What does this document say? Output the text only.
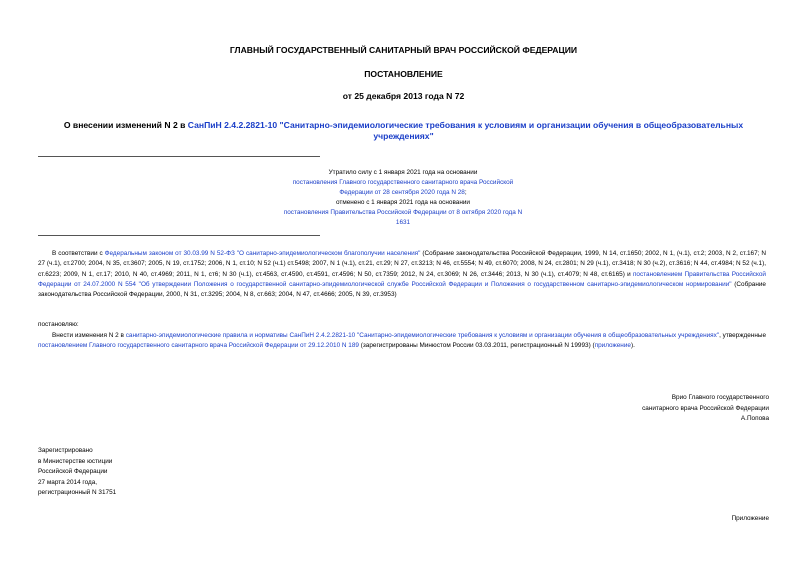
ГЛАВНЫЙ ГОСУДАРСТВЕННЫЙ САНИТАРНЫЙ ВРАЧ РОССИЙСКОЙ ФЕДЕРАЦИИ
ПОСТАНОВЛЕНИЕ
от 25 декабря 2013 года N 72
О внесении изменений N 2 в СанПиН 2.4.2.2821-10 "Санитарно-эпидемиологические требования к условиям и организации обучения в общеобразовательных учреждениях"
Утратило силу с 1 января 2021 года на основании
постановления Главного государственного санитарного врача Российской Федерации от 28 сентября 2020 года N 28;
отменено с 1 января 2021 года на основании
постановления Правительства Российской Федерации от 8 октября 2020 года N 1631
В соответствии с Федеральным законом от 30.03.99 N 52-ФЗ "О санитарно-эпидемиологическом благополучии населения" (Собрание законодательства Российской Федерации, 1999, N 14, ст.1650; 2002, N 1, (ч.1), ст.2; 2003, N 2, ст.167; N 27 (ч.1), ст.2700; 2004, N 35, ст.3607; 2005, N 19, ст.1752; 2006, N 1, ст.10; N 52 (ч.1) ст.5498; 2007, N 1 (ч.1), ст.21, ст.29; N 27, ст.3213; N 46, ст.5554; N 49, ст.6070; 2008, N 24, ст.2801; N 29 (ч.1), ст.3418; N 30 (ч.2), ст.3616; N 44, ст.4984; N 52 (ч.1), ст.6223; 2009, N 1, ст.17; 2010, N 40, ст.4969; 2011, N 1, ст6; N 30 (ч.1), ст.4563, ст.4590, ст.4591, ст.4596; N 50, ст.7359; 2012, N 24, ст.3069; N 26, ст.3446; 2013, N 30 (ч.1), ст.4079; N 48, ст.6165) и постановлением Правительства Российской Федерации от 24.07.2000 N 554 "Об утверждении Положения о государственной санитарно-эпидемиологической службе Российской Федерации и Положения о государственном санитарно-эпидемиологическом нормировании" (Собрание законодательства Российской Федерации, 2000, N 31, ст.3295; 2004, N 8, ст.663; 2004, N 47, ст.4666; 2005, N 39, ст.3953)
постановляю:
Внести изменения N 2 в санитарно-эпидемиологические правила и нормативы СанПиН 2.4.2.2821-10 "Санитарно-эпидемиологические требования к условиям и организации обучения в общеобразовательных учреждениях", утвержденные постановлением Главного государственного санитарного врача Российской Федерации от 29.12.2010 N 189 (зарегистрированы Минюстом России 03.03.2011, регистрационный N 19993) (приложение).
Врио Главного государственного
санитарного врача Российской Федерации
А.Попова
Зарегистрировано
в Министерстве юстиции
Российской Федерации
27 марта 2014 года,
регистрационный N 31751
Приложение
